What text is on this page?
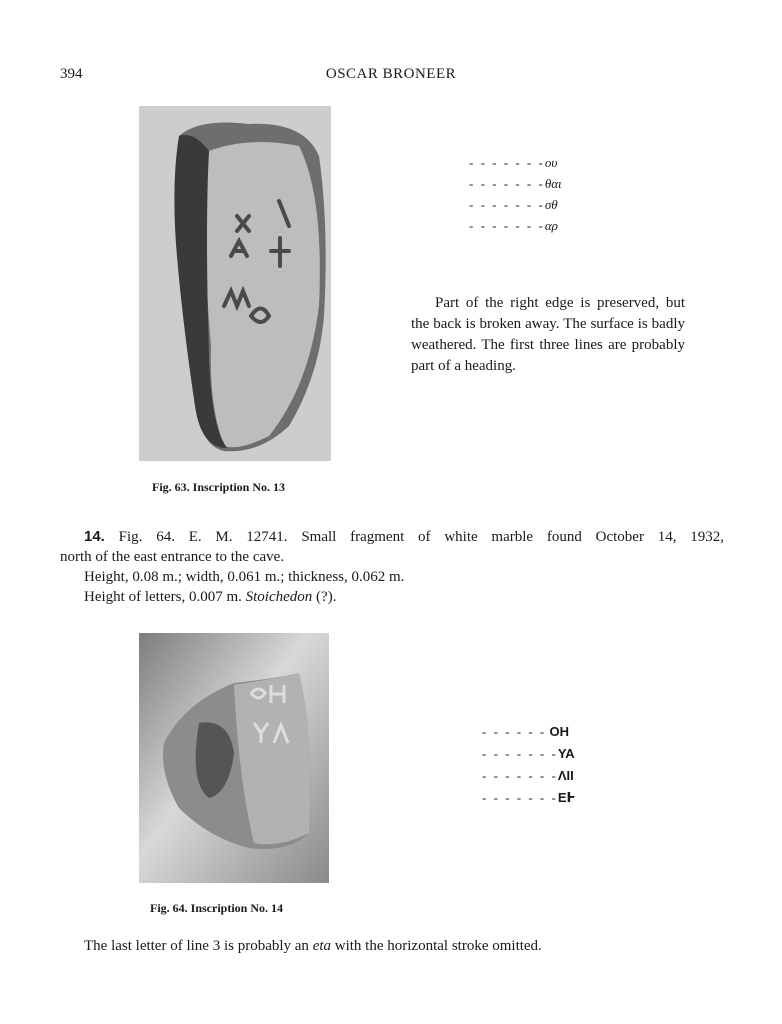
394	OSCAR BRONEER
Fig. 63. Inscription No. 13
- - - - - - -ου
- - - - - - -θαι
- - - - - - -σθ
- - - - - - -αρ
Part of the right edge is preserved, but the back is broken away. The surface is badly weathered. The first three lines are probably part of a heading.

14. Fig. 64. E. M. 12741. Small fragment of white marble found October 14, 1932,

north of the east entrance to the cave.

Height, 0.08 m.; width, 0.061 m.; thickness, 0.062 m.

Height of letters, 0.007 m. Stoichedon (?).

Fig. 64. Inscription No. 14
- - - - - - OH
- - - - - - -ΥΑ
- - - - - - -ΛΙΙ
- - - - - - -ΕͰ
The last letter of line 3 is probably an eta with the horizontal stroke omitted.
